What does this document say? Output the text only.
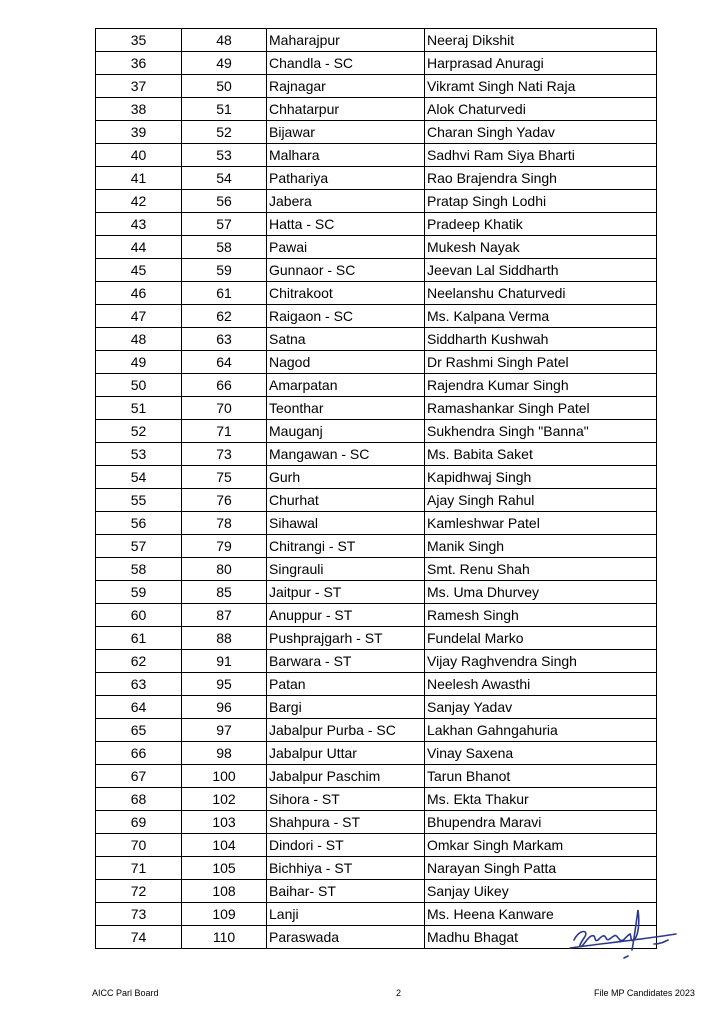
35	48	Maharajpur	Neeraj Dikshit
36	49	Chandla - SC	Harprasad Anuragi
37	50	Rajnagar	Vikramt Singh Nati Raja
38	51	Chhatarpur	Alok Chaturvedi
39	52	Bijawar	Charan Singh Yadav
40	53	Malhara	Sadhvi Ram Siya Bharti
41	54	Pathariya	Rao Brajendra Singh
42	56	Jabera	Pratap Singh Lodhi
43	57	Hatta - SC	Pradeep Khatik
44	58	Pawai	Mukesh Nayak
45	59	Gunnaor - SC	Jeevan Lal Siddharth
46	61	Chitrakoot	Neelanshu Chaturvedi
47	62	Raigaon - SC	Ms. Kalpana Verma
48	63	Satna	Siddharth Kushwah
49	64	Nagod	Dr Rashmi Singh Patel
50	66	Amarpatan	Rajendra Kumar Singh
51	70	Teonthar	Ramashankar Singh Patel
52	71	Mauganj	Sukhendra Singh "Banna"
53	73	Mangawan - SC	Ms. Babita Saket
54	75	Gurh	Kapidhwaj Singh
55	76	Churhat	Ajay Singh Rahul
56	78	Sihawal	Kamleshwar Patel
57	79	Chitrangi - ST	Manik Singh
58	80	Singrauli	Smt. Renu Shah
59	85	Jaitpur - ST	Ms. Uma Dhurvey
60	87	Anuppur - ST	Ramesh Singh
61	88	Pushprajgarh - ST	Fundelal Marko
62	91	Barwara - ST	Vijay Raghvendra Singh
63	95	Patan	Neelesh Awasthi
64	96	Bargi	Sanjay Yadav
65	97	Jabalpur Purba - SC	Lakhan Gahngahuria
66	98	Jabalpur Uttar	Vinay Saxena
67	100	Jabalpur Paschim	Tarun Bhanot
68	102	Sihora - ST	Ms. Ekta Thakur
69	103	Shahpura - ST	Bhupendra Maravi
70	104	Dindori - ST	Omkar Singh Markam
71	105	Bichhiya - ST	Narayan Singh Patta
72	108	Baihar- ST	Sanjay Uikey
73	109	Lanji	Ms. Heena Kanware
74	110	Paraswada	Madhu Bhagat
AICC Parl Board	2	File MP Candidates 2023
